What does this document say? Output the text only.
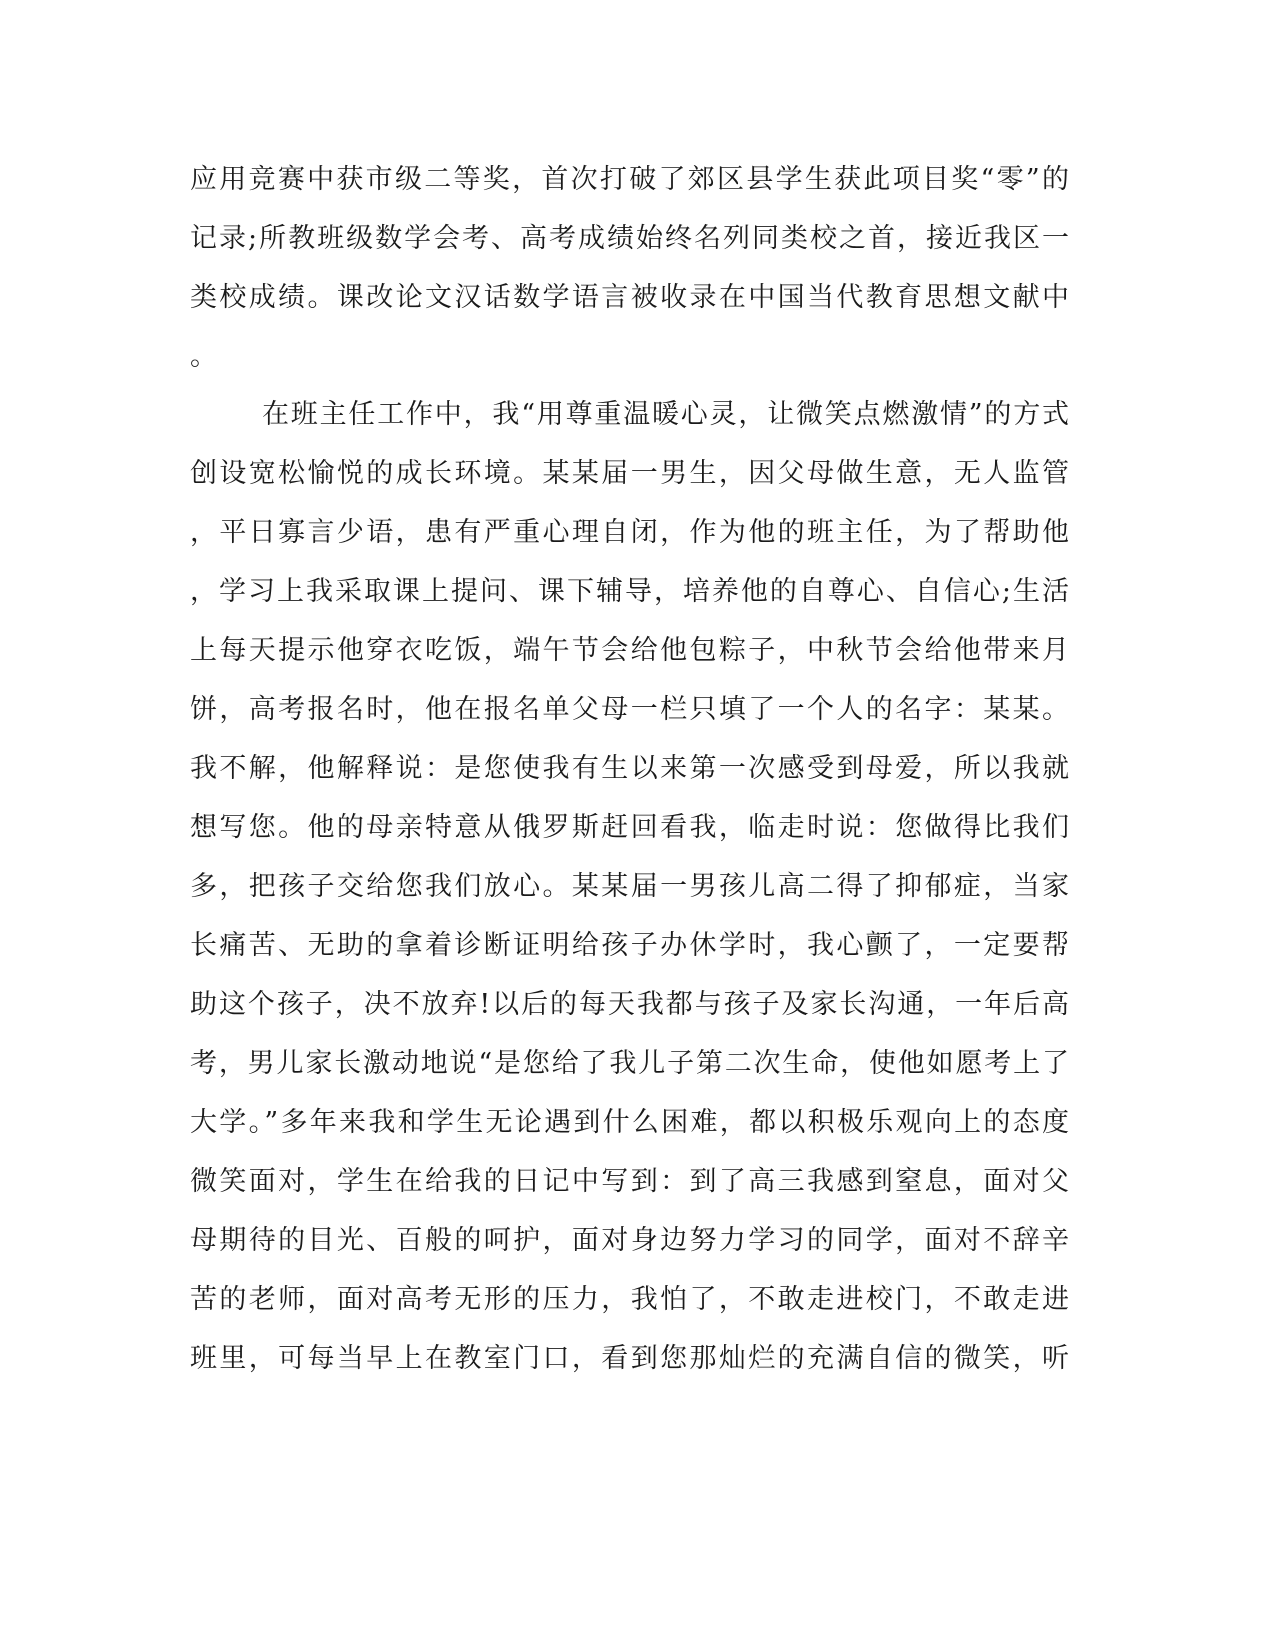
应用竞赛中获市级二等奖，首次打破了郊区县学生获此项目奖“零”的
记录;所教班级数学会考、高考成绩始终名列同类校之首，接近我区一
类校成绩。课改论文汉话数学语言被收录在中国当代教育思想文献中
。
在班主任工作中，我“用尊重温暖心灵，让微笑点燃激情”的方式
创设宽松愉悦的成长环境。某某届一男生，因父母做生意，无人监管
，平日寡言少语，患有严重心理自闭，作为他的班主任，为了帮助他
，学习上我采取课上提问、课下辅导，培养他的自尊心、自信心;生活
上每天提示他穿衣吃饭，端午节会给他包粽子，中秋节会给他带来月
饼，高考报名时，他在报名单父母一栏只填了一个人的名字：某某。
我不解，他解释说：是您使我有生以来第一次感受到母爱，所以我就
想写您。他的母亲特意从俄罗斯赶回看我，临走时说：您做得比我们
多，把孩子交给您我们放心。某某届一男孩儿高二得了抑郁症，当家
长痛苦、无助的拿着诊断证明给孩子办休学时，我心颤了，一定要帮
助这个孩子，决不放弃!以后的每天我都与孩子及家长沟通，一年后高
考，男儿家长激动地说“是您给了我儿子第二次生命，使他如愿考上了
大学。”多年来我和学生无论遇到什么困难，都以积极乐观向上的态度
微笑面对，学生在给我的日记中写到：到了高三我感到窒息，面对父
母期待的目光、百般的呵护，面对身边努力学习的同学，面对不辞辛
苦的老师，面对高考无形的压力，我怕了，不敢走进校门，不敢走进
班里，可每当早上在教室门口，看到您那灿烂的充满自信的微笑，听
